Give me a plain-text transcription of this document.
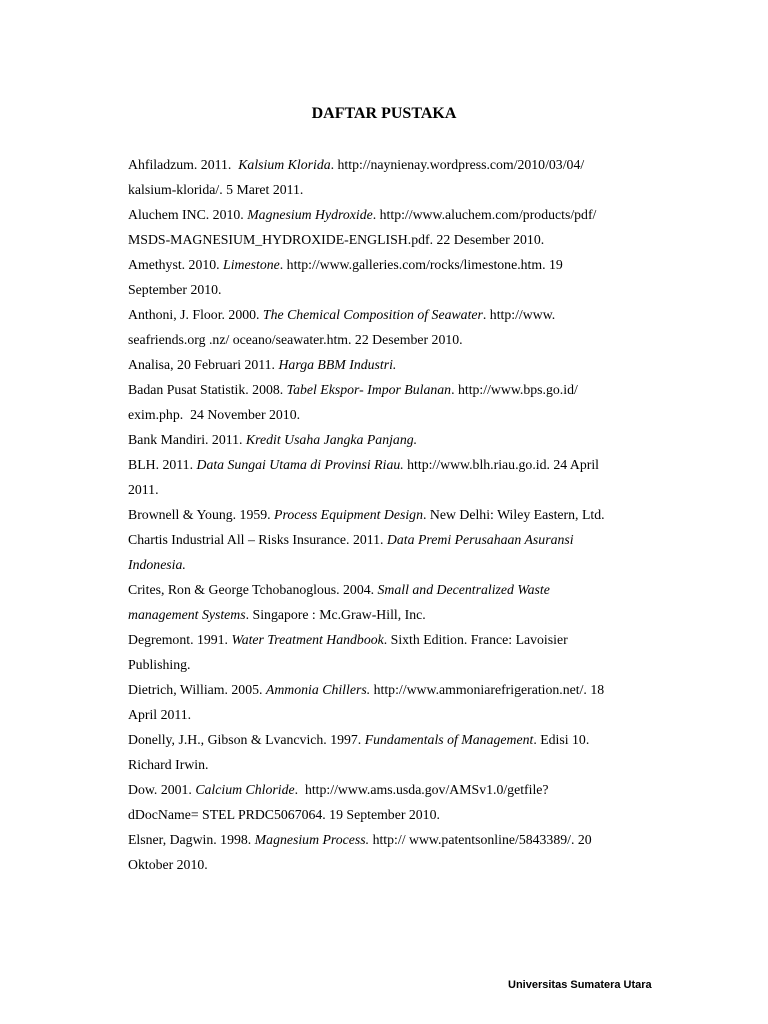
DAFTAR PUSTAKA
Ahfiladzum. 2011.  Kalsium Klorida. http://naynienay.wordpress.com/2010/03/04/
kalsium-klorida/. 5 Maret 2011.
Aluchem INC. 2010. Magnesium Hydroxide. http://www.aluchem.com/products/pdf/
MSDS-MAGNESIUM_HYDROXIDE-ENGLISH.pdf. 22 Desember 2010.
Amethyst. 2010. Limestone. http://www.galleries.com/rocks/limestone.htm. 19
September 2010.
Anthoni, J. Floor. 2000. The Chemical Composition of Seawater. http://www.
seafriends.org .nz/ oceano/seawater.htm. 22 Desember 2010.
Analisa, 20 Februari 2011. Harga BBM Industri.
Badan Pusat Statistik. 2008. Tabel Ekspor- Impor Bulanan. http://www.bps.go.id/
exim.php.  24 November 2010.
Bank Mandiri. 2011. Kredit Usaha Jangka Panjang.
BLH. 2011. Data Sungai Utama di Provinsi Riau. http://www.blh.riau.go.id. 24 April
2011.
Brownell & Young. 1959. Process Equipment Design. New Delhi: Wiley Eastern, Ltd.
Chartis Industrial All – Risks Insurance. 2011. Data Premi Perusahaan Asuransi
Indonesia.
Crites, Ron & George Tchobanoglous. 2004. Small and Decentralized Waste
management Systems. Singapore : Mc.Graw-Hill, Inc.
Degremont. 1991. Water Treatment Handbook. Sixth Edition. France: Lavoisier
Publishing.
Dietrich, William. 2005. Ammonia Chillers. http://www.ammoniarefrigeration.net/. 18
April 2011.
Donelly, J.H., Gibson & Lvancvich. 1997. Fundamentals of Management. Edisi 10.
Richard Irwin.
Dow. 2001. Calcium Chloride.  http://www.ams.usda.gov/AMSv1.0/getfile?
dDocName= STEL PRDC5067064. 19 September 2010.
Elsner, Dagwin. 1998. Magnesium Process. http:// www.patentsonline/5843389/. 20
Oktober 2010.
Universitas Sumatera Utara
